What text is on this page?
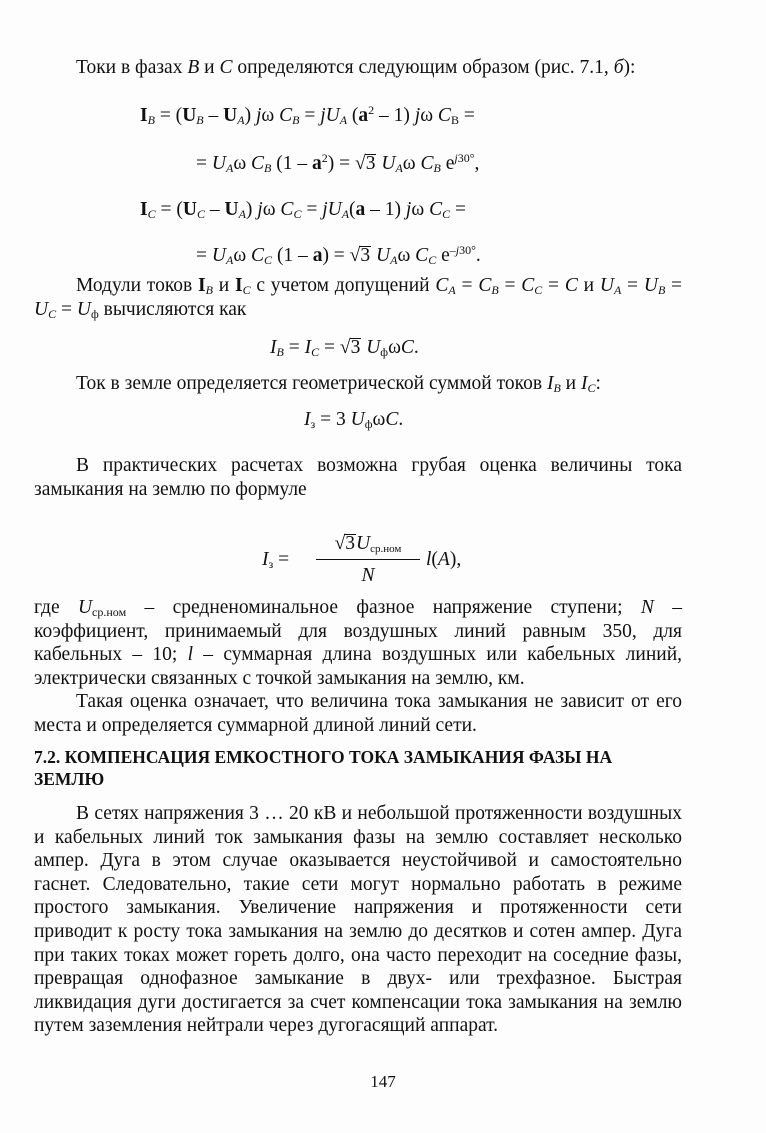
Токи в фазах B и C определяются следующим образом (рис. 7.1, б):

$I_B = (U_B - U_A)$ jω $C_B = jU_A$ $(a^2 - 1)$ jω $C_B$ =
= $U_A\omega$ $C_B$ $(1 - a^2) = √3$ $U_A\omega$ $C_B$ $e^{j30^\circ}$,
$I_C = (U_C - U_A)$ jω $C_C = jU_A(a - 1)$ jω $C_C$ =
= $U_A\omega$ $C_C$ (1 – a) = √3 $U_A\omega$ $C_C$ $e^{-j30^\circ}$.

Модули токов $I_B$ и $I_C$ с учетом допущений $C_A = C_B = C_C = C$ и $U_A = U_B = U_C = U_ф$ вычисляются как

$I_B = I_C = √3$ $U_ф\omega C$.

Ток в земле определяется геометрической суммой токов $I_B$ и $I_C$:

$I_з = 3$ $U_ф\omega C$.

В практических расчетах возможна грубая оценка величины тока замыкания на землю по формуле

$I_з$ =
$√3U_{ср.ном}$
N
l(A),

где $U_{ср.ном}$ – средненоминальное фазное напряжение ступени; N – коэффициент, принимаемый для воздушных линий равным 350, для кабельных – 10; l – суммарная длина воздушных или кабельных линий, электрически связанных с точкой замыкания на землю, км.

Такая оценка означает, что величина тока замыкания не зависит от его места и определяется суммарной длиной линий сети.

7.2. КОМПЕНСАЦИЯ ЕМКОСТНОГО ТОКА ЗАМЫКАНИЯ ФАЗЫ НА ЗЕМЛЮ

В сетях напряжения 3 … 20 кВ и небольшой протяженности воздушных и кабельных линий ток замыкания фазы на землю составляет несколько ампер. Дуга в этом случае оказывается неустойчивой и самостоятельно гаснет. Следовательно, такие сети могут нормально работать в режиме простого замыкания. Увеличение напряжения и протяженности сети приводит к росту тока замыкания на землю до десятков и сотен ампер. Дуга при таких токах может гореть долго, она часто переходит на соседние фазы, превращая однофазное замыкание в двух- или трехфазное. Быстрая ликвидация дуги достигается за счет компенсации тока замыкания на землю путем заземления нейтрали через дугогасящий аппарат.

147
